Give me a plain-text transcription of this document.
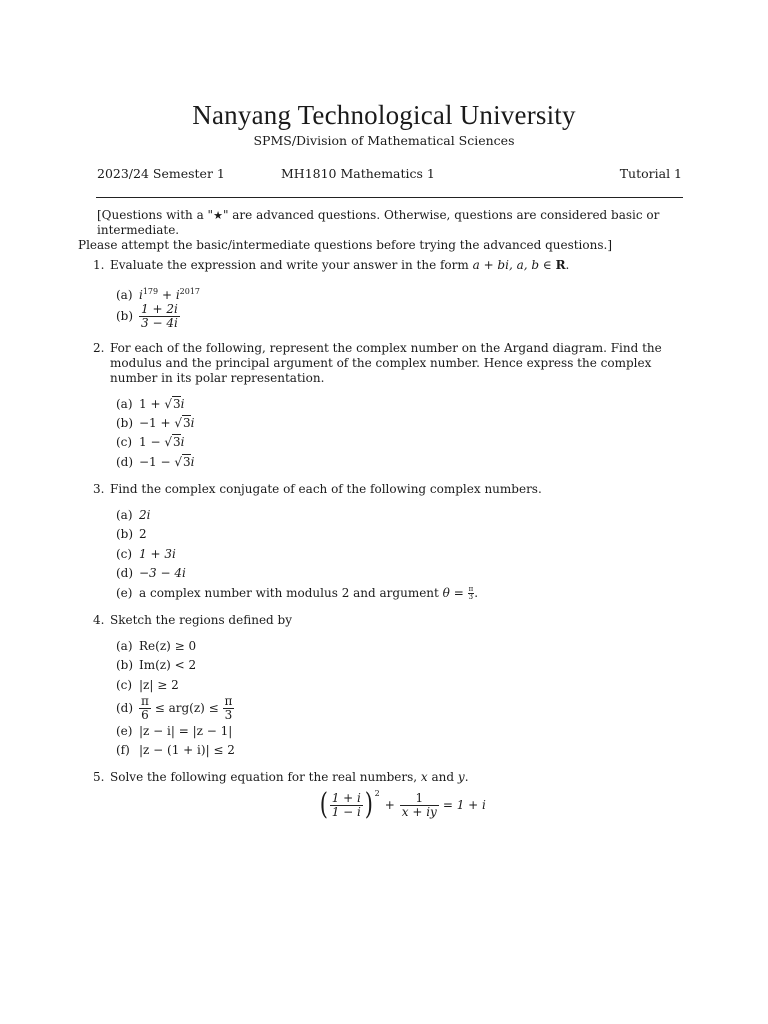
Nanyang Technological University
SPMS/Division of Mathematical Sciences
2023/24 Semester 1	MH1810 Mathematics 1	Tutorial 1
[Questions with a "★" are advanced questions. Otherwise, questions are considered basic or intermediate.
Please attempt the basic/intermediate questions before trying the advanced questions.]
1. Evaluate the expression and write your answer in the form a + bi, a, b ∈ R.
(a) $i^{179} + i^{2017}$
$(b) \frac{1 + 2i}{3 - 4i}$
2. For each of the following, represent the complex number on the Argand diagram. Find the modulus and the principal argument of the complex number. Hence express the complex number in its polar representation.
(a) 1 + √3i
(b) −1 + √3i
(c) 1 − √3i
(d) −1 − √3i
3. Find the complex conjugate of each of the following complex numbers.
(a) 2i
(b) 2
(c) 1 + 3i
(d) −3 − 4i
(e) a complex number with modulus 2 and argument $\theta = \frac{\pi}{3}$ .
4. Sketch the regions defined by
(a) Re(z) ≥ 0
(b) Im(z) < 2
(c) |z| ≥ 2
$(d) \frac{\pi}{6} \le arg(z) \le \frac{\pi}{3}$
(e) |z − i| = |z − 1|
(f) |z − (1 + i)| ≤ 2
5. Solve the following equation for the real numbers, x and y.
( $\frac{1 + i}{1 - i} )^2$
+ $\frac{1}{x + iy} = 1 + i$
